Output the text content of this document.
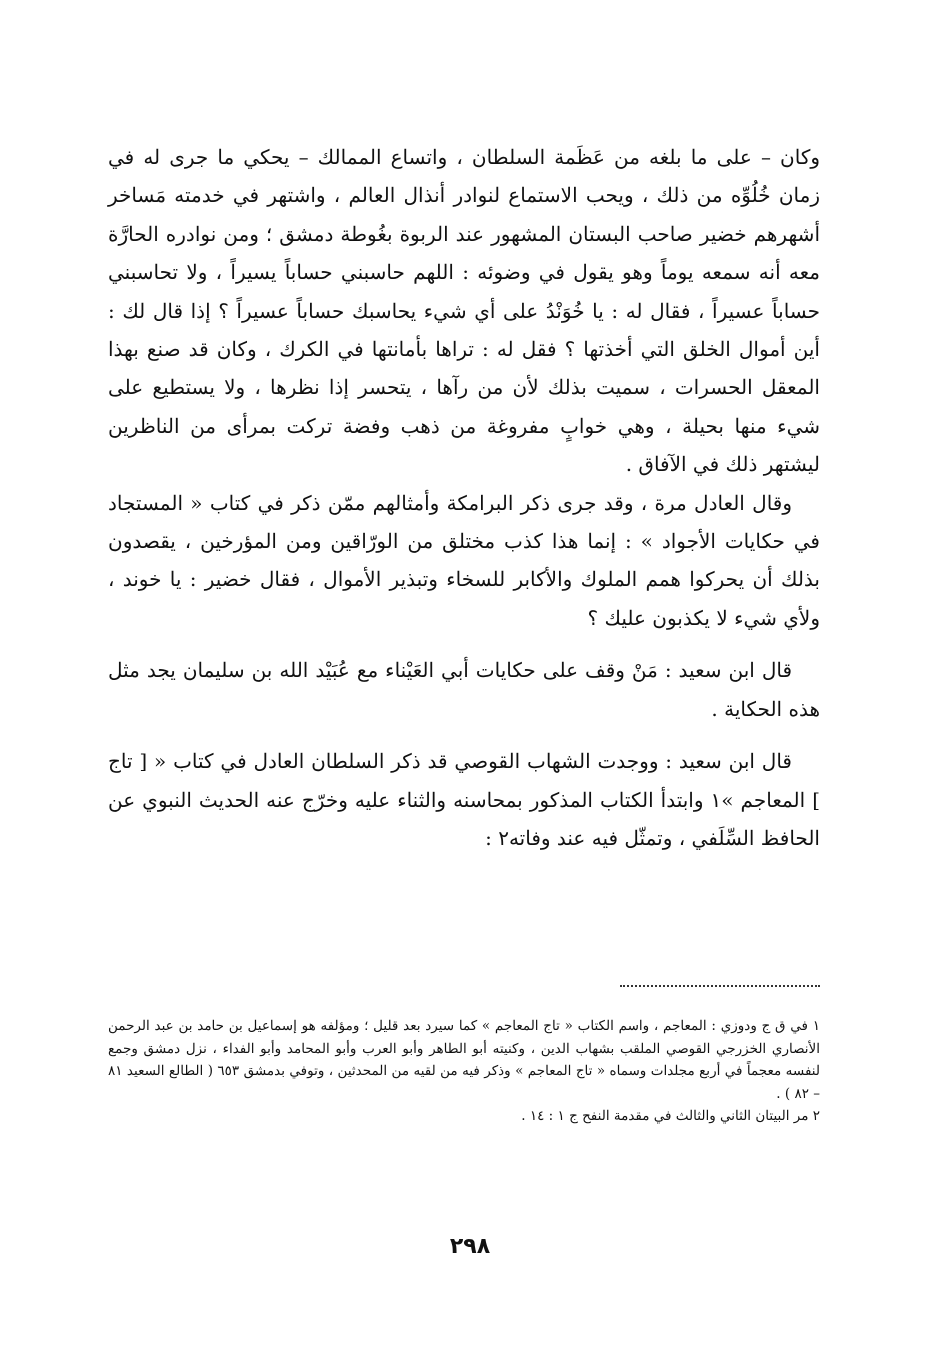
وكان – على ما بلغه من عَظَمة السلطان ، واتساع الممالك – يحكي ما جرى له في زمان خُلُوِّه من ذلك ، ويحب الاستماع لنوادر أنذال العالم ، واشتهر في خدمته مَساخر أشهرهم خضير صاحب البستان المشهور عند الربوة بغُوطة دمشق ؛ ومن نوادره الحارَّة معه أنه سمعه يوماً وهو يقول في وضوئه : اللهم حاسبني حساباً يسيراً ، ولا تحاسبني حساباً عسيراً ، فقال له : يا خُوَنْدُ على أي شيء يحاسبك حساباً عسيراً ؟ إذا قال لك : أين أموال الخلق التي أخذتها ؟ فقل له : تراها بأمانتها في الكرك ، وكان قد صنع بهذا المعقل الحسرات ، سميت بذلك لأن من رآها ، يتحسر إذا نظرها ، ولا يستطيع على شيء منها بحيلة ، وهي خوابٍ مفروغة من ذهب وفضة تركت بمرأى من الناظرين ليشتهر ذلك في الآفاق .

وقال العادل مرة ، وقد جرى ذكر البرامكة وأمثالهم ممّن ذكر في كتاب « المستجاد في حكايات الأجواد » : إنما هذا كذب مختلق من الورّاقين ومن المؤرخين ، يقصدون بذلك أن يحركوا همم الملوك والأكابر للسخاء وتبذير الأموال ، فقال خضير : يا خوند ، ولأي شيء لا يكذبون عليك ؟

قال ابن سعيد : مَنْ وقف على حكايات أبي العَيْناء مع عُبَيْد الله بن سليمان يجد مثل هذه الحكاية .

قال ابن سعيد : ووجدت الشهاب القوصي قد ذكر السلطان العادل في كتاب « [ تاج ] المعاجم »١ وابتدأ الكتاب المذكور بمحاسنه والثناء عليه وخرّج عنه الحديث النبوي عن الحافظ السِّلَفي ، وتمثّل فيه عند وفاته٢ :

١ في ق ج ودوزي : المعاجم ، واسم الكتاب « تاج المعاجم » كما سيرد بعد قليل ؛ ومؤلفه هو إسماعيل بن حامد بن عبد الرحمن الأنصاري الخزرجي القوصي الملقب بشهاب الدين ، وكنيته أبو الطاهر وأبو العرب وأبو المحامد وأبو الفداء ، نزل دمشق وجمع لنفسه معجماً في أربع مجلدات وسماه « تاج المعاجم » وذكر فيه من لقيه من المحدثين ، وتوفي بدمشق ٦٥٣ ( الطالع السعيد ٨١ – ٨٢ ) .

٢ مر البيتان الثاني والثالث في مقدمة النفح ج ١ : ١٤ .

٢٩٨
